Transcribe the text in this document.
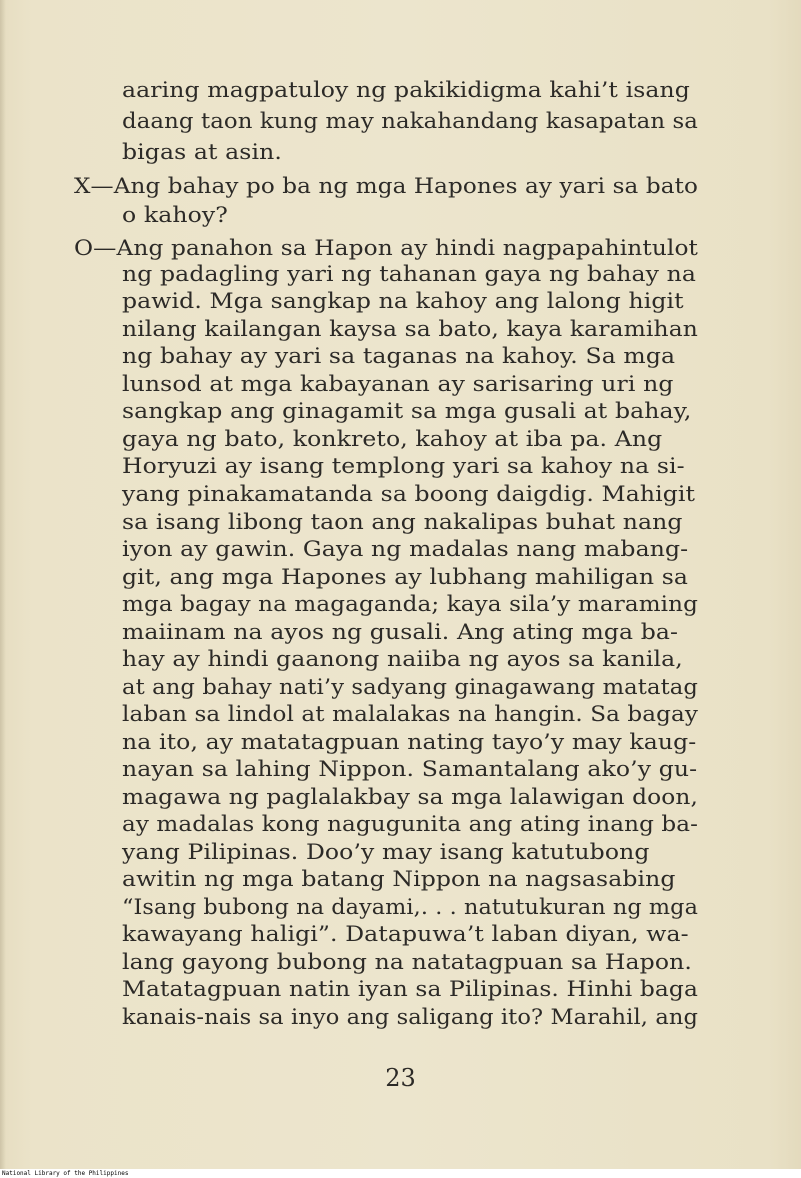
aaring magpatuloy ng pakikidigma kahi’t isang
daang taon kung may nakahandang kasapatan sa
bigas at asin.
X—Ang bahay po ba ng mga Hapones ay yari sa bato
o kahoy?
O—Ang panahon sa Hapon ay hindi nagpapahintulot
ng padagling yari ng tahanan gaya ng bahay na
pawid. Mga sangkap na kahoy ang lalong higit
nilang kailangan kaysa sa bato, kaya karamihan
ng bahay ay yari sa taganas na kahoy. Sa mga
lunsod at mga kabayanan ay sarisaring uri ng
sangkap ang ginagamit sa mga gusali at bahay,
gaya ng bato, konkreto, kahoy at iba pa. Ang
Horyuzi ay isang templong yari sa kahoy na si-
yang pinakamatanda sa boong daigdig. Mahigit
sa isang libong taon ang nakalipas buhat nang
iyon ay gawin. Gaya ng madalas nang mabang-
git, ang mga Hapones ay lubhang mahiligan sa
mga bagay na magaganda; kaya sila’y maraming
maiinam na ayos ng gusali. Ang ating mga ba-
hay ay hindi gaanong naiiba ng ayos sa kanila,
at ang bahay nati’y sadyang ginagawang matatag
laban sa lindol at malalakas na hangin. Sa bagay
na ito, ay matatagpuan nating tayo’y may kaug-
nayan sa lahing Nippon. Samantalang ako’y gu-
magawa ng paglalakbay sa mga lalawigan doon,
ay madalas kong nagugunita ang ating inang ba-
yang Pilipinas. Doo’y may isang katutubong
awitin ng mga batang Nippon na nagsasabing
“Isang bubong na dayami,. . . natutukuran ng mga
kawayang haligi”. Datapuwa’t laban diyan, wa-
lang gayong bubong na natatagpuan sa Hapon.
Matatagpuan natin iyan sa Pilipinas. Hinhi baga
kanais-nais sa inyo ang saligang ito? Marahil, ang
23
National Library of the Philippines
